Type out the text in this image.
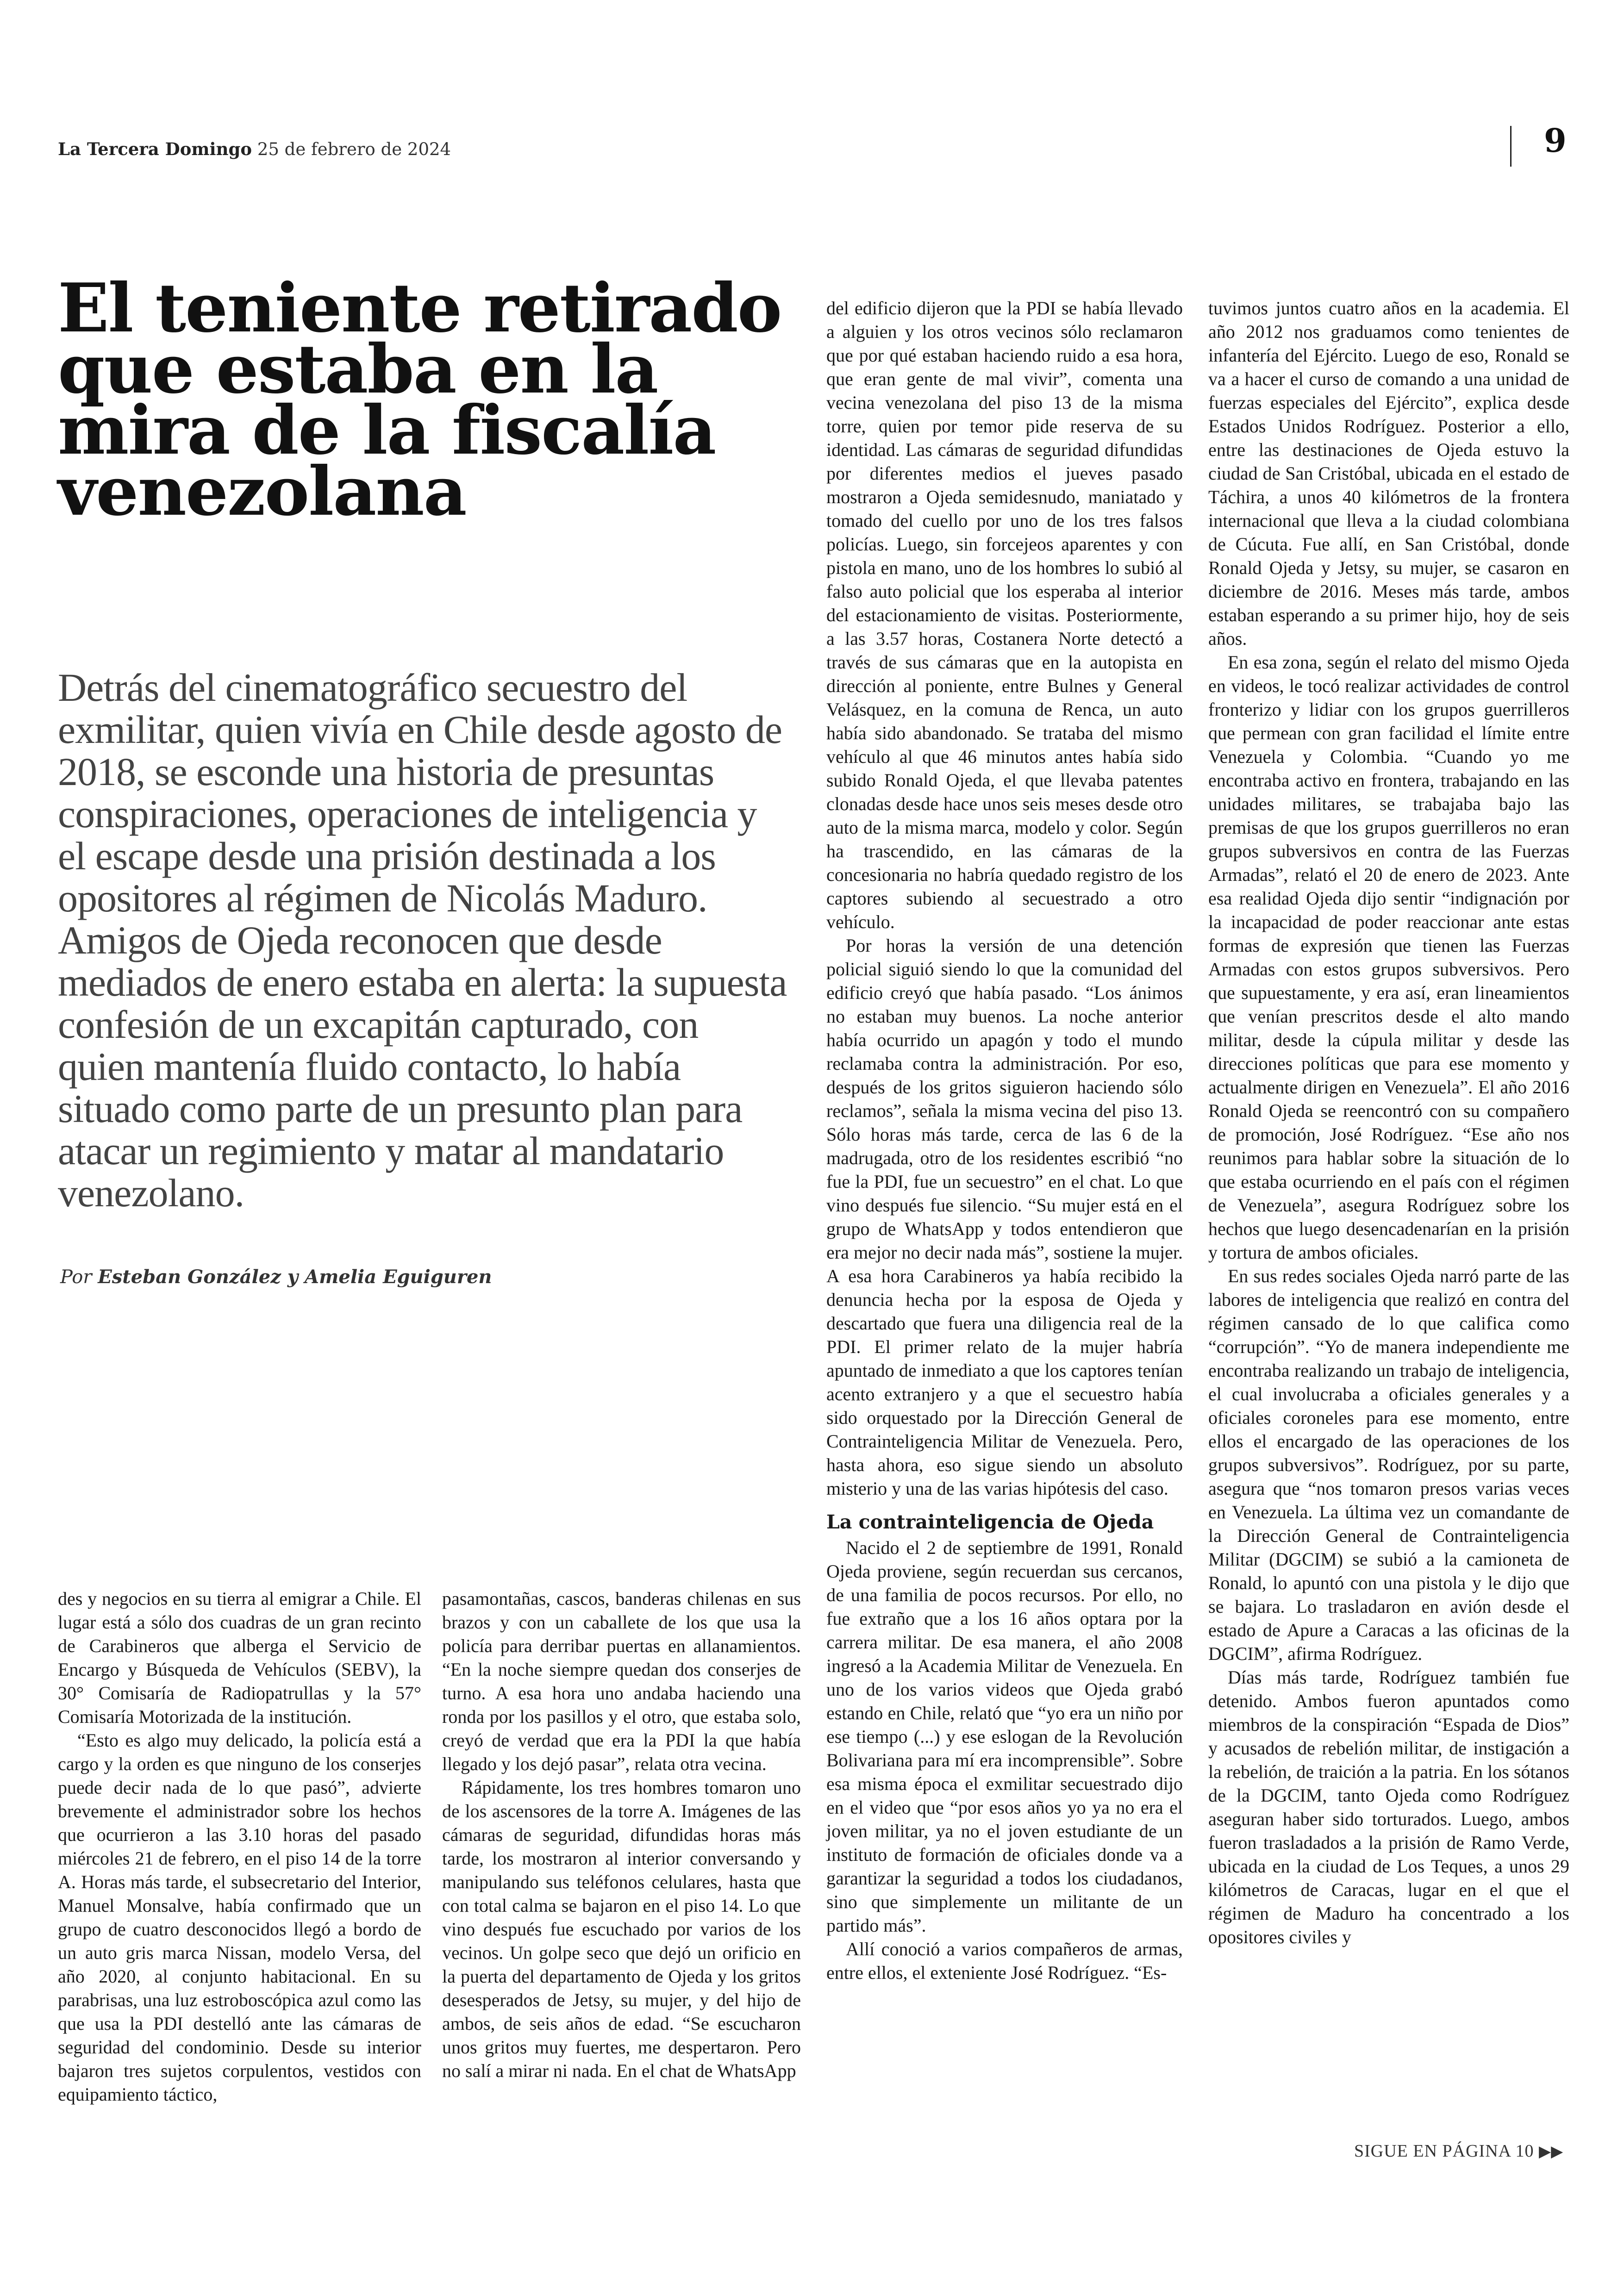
La Tercera Domingo 25 de febrero de 2024	9
El teniente retirado que estaba en la mira de la fiscalía venezolana

Detrás del cinematográfico secuestro del exmilitar, quien vivía en Chile desde agosto de 2018, se esconde una historia de presuntas conspiraciones, operaciones de inteligencia y el escape desde una prisión destinada a los opositores al régimen de Nicolás Maduro. Amigos de Ojeda reconocen que desde mediados de enero estaba en alerta: la supuesta confesión de un excapitán capturado, con quien mantenía fluido contacto, lo había situado como parte de un presunto plan para atacar un regimiento y matar al mandatario venezolano.

Por Esteban González y Amelia Eguiguren

des y negocios en su tierra al emigrar a Chile. El lugar está a sólo dos cuadras de un gran recinto de Carabineros que alberga el Servicio de Encargo y Búsqueda de Vehículos (SEBV), la 30° Comisaría de Radiopatrullas y la 57° Comisaría Motorizada de la institución.

“Esto es algo muy delicado, la policía está a cargo y la orden es que ninguno de los conserjes puede decir nada de lo que pasó”, advierte brevemente el administrador sobre los hechos que ocurrieron a las 3.10 horas del pasado miércoles 21 de febrero, en el piso 14 de la torre A. Horas más tarde, el subsecretario del Interior, Manuel Monsalve, había confirmado que un grupo de cuatro desconocidos llegó a bordo de un auto gris marca Nissan, modelo Versa, del año 2020, al conjunto habitacional. En su parabrisas, una luz estroboscópica azul como las que usa la PDI destelló ante las cámaras de seguridad del condominio. Desde su interior bajaron tres sujetos corpulentos, vestidos con equipamiento táctico,

pasamontañas, cascos, banderas chilenas en sus brazos y con un caballete de los que usa la policía para derribar puertas en allanamientos. “En la noche siempre quedan dos conserjes de turno. A esa hora uno andaba haciendo una ronda por los pasillos y el otro, que estaba solo, creyó de verdad que era la PDI la que había llegado y los dejó pasar”, relata otra vecina.

Rápidamente, los tres hombres tomaron uno de los ascensores de la torre A. Imágenes de las cámaras de seguridad, difundidas horas más tarde, los mostraron al interior conversando y manipulando sus teléfonos celulares, hasta que con total calma se bajaron en el piso 14. Lo que vino después fue escuchado por varios de los vecinos. Un golpe seco que dejó un orificio en la puerta del departamento de Ojeda y los gritos desesperados de Jetsy, su mujer, y del hijo de ambos, de seis años de edad. “Se escucharon unos gritos muy fuertes, me despertaron. Pero no salí a mirar ni nada. En el chat de WhatsApp

del edificio dijeron que la PDI se había llevado a alguien y los otros vecinos sólo reclamaron que por qué estaban haciendo ruido a esa hora, que eran gente de mal vivir”, comenta una vecina venezolana del piso 13 de la misma torre, quien por temor pide reserva de su identidad. Las cámaras de seguridad difundidas por diferentes medios el jueves pasado mostraron a Ojeda semidesnudo, maniatado y tomado del cuello por uno de los tres falsos policías. Luego, sin forcejeos aparentes y con pistola en mano, uno de los hombres lo subió al falso auto policial que los esperaba al interior del estacionamiento de visitas. Posteriormente, a las 3.57 horas, Costanera Norte detectó a través de sus cámaras que en la autopista en dirección al poniente, entre Bulnes y General Velásquez, en la comuna de Renca, un auto había sido abandonado. Se trataba del mismo vehículo al que 46 minutos antes había sido subido Ronald Ojeda, el que llevaba patentes clonadas desde hace unos seis meses desde otro auto de la misma marca, modelo y color. Según ha trascendido, en las cámaras de la concesionaria no habría quedado registro de los captores subiendo al secuestrado a otro vehículo.

Por horas la versión de una detención policial siguió siendo lo que la comunidad del edificio creyó que había pasado. “Los ánimos no estaban muy buenos. La noche anterior había ocurrido un apagón y todo el mundo reclamaba contra la administración. Por eso, después de los gritos siguieron haciendo sólo reclamos”, señala la misma vecina del piso 13. Sólo horas más tarde, cerca de las 6 de la madrugada, otro de los residentes escribió “no fue la PDI, fue un secuestro” en el chat. Lo que vino después fue silencio. “Su mujer está en el grupo de WhatsApp y todos entendieron que era mejor no decir nada más”, sostiene la mujer. A esa hora Carabineros ya había recibido la denuncia hecha por la esposa de Ojeda y descartado que fuera una diligencia real de la PDI. El primer relato de la mujer habría apuntado de inmediato a que los captores tenían acento extranjero y a que el secuestro había sido orquestado por la Dirección General de Contrainteligencia Militar de Venezuela. Pero, hasta ahora, eso sigue siendo un absoluto misterio y una de las varias hipótesis del caso.

La contrainteligencia de Ojeda

Nacido el 2 de septiembre de 1991, Ronald Ojeda proviene, según recuerdan sus cercanos, de una familia de pocos recursos. Por ello, no fue extraño que a los 16 años optara por la carrera militar. De esa manera, el año 2008 ingresó a la Academia Militar de Venezuela. En uno de los varios videos que Ojeda grabó estando en Chile, relató que “yo era un niño por ese tiempo (...) y ese eslogan de la Revolución Bolivariana para mí era incomprensible”. Sobre esa misma época el exmilitar secuestrado dijo en el video que “por esos años yo ya no era el joven militar, ya no el joven estudiante de un instituto de formación de oficiales donde va a garantizar la seguridad a todos los ciudadanos, sino que simplemente un militante de un partido más”.

Allí conoció a varios compañeros de armas, entre ellos, el exteniente José Rodríguez. “Es-

tuvimos juntos cuatro años en la academia. El año 2012 nos graduamos como tenientes de infantería del Ejército. Luego de eso, Ronald se va a hacer el curso de comando a una unidad de fuerzas especiales del Ejército”, explica desde Estados Unidos Rodríguez. Posterior a ello, entre las destinaciones de Ojeda estuvo la ciudad de San Cristóbal, ubicada en el estado de Táchira, a unos 40 kilómetros de la frontera internacional que lleva a la ciudad colombiana de Cúcuta. Fue allí, en San Cristóbal, donde Ronald Ojeda y Jetsy, su mujer, se casaron en diciembre de 2016. Meses más tarde, ambos estaban esperando a su primer hijo, hoy de seis años.

En esa zona, según el relato del mismo Ojeda en videos, le tocó realizar actividades de control fronterizo y lidiar con los grupos guerrilleros que permean con gran facilidad el límite entre Venezuela y Colombia. “Cuando yo me encontraba activo en frontera, trabajando en las unidades militares, se trabajaba bajo las premisas de que los grupos guerrilleros no eran grupos subversivos en contra de las Fuerzas Armadas”, relató el 20 de enero de 2023. Ante esa realidad Ojeda dijo sentir “indignación por la incapacidad de poder reaccionar ante estas formas de expresión que tienen las Fuerzas Armadas con estos grupos subversivos. Pero que supuestamente, y era así, eran lineamientos que venían prescritos desde el alto mando militar, desde la cúpula militar y desde las direcciones políticas que para ese momento y actualmente dirigen en Venezuela”. El año 2016 Ronald Ojeda se reencontró con su compañero de promoción, José Rodríguez. “Ese año nos reunimos para hablar sobre la situación de lo que estaba ocurriendo en el país con el régimen de Venezuela”, asegura Rodríguez sobre los hechos que luego desencadenarían en la prisión y tortura de ambos oficiales.

En sus redes sociales Ojeda narró parte de las labores de inteligencia que realizó en contra del régimen cansado de lo que califica como “corrupción”. “Yo de manera independiente me encontraba realizando un trabajo de inteligencia, el cual involucraba a oficiales generales y a oficiales coroneles para ese momento, entre ellos el encargado de las operaciones de los grupos subversivos”. Rodríguez, por su parte, asegura que “nos tomaron presos varias veces en Venezuela. La última vez un comandante de la Dirección General de Contrainteligencia Militar (DGCIM) se subió a la camioneta de Ronald, lo apuntó con una pistola y le dijo que se bajara. Lo trasladaron en avión desde el estado de Apure a Caracas a las oficinas de la DGCIM”, afirma Rodríguez.

Días más tarde, Rodríguez también fue detenido. Ambos fueron apuntados como miembros de la conspiración “Espada de Dios” y acusados de rebelión militar, de instigación a la rebelión, de traición a la patria. En los sótanos de la DGCIM, tanto Ojeda como Rodríguez aseguran haber sido torturados. Luego, ambos fueron trasladados a la prisión de Ramo Verde, ubicada en la ciudad de Los Teques, a unos 29 kilómetros de Caracas, lugar en el que el régimen de Maduro ha concentrado a los opositores civiles y

SIGUE EN PÁGINA 10 ▶▶
